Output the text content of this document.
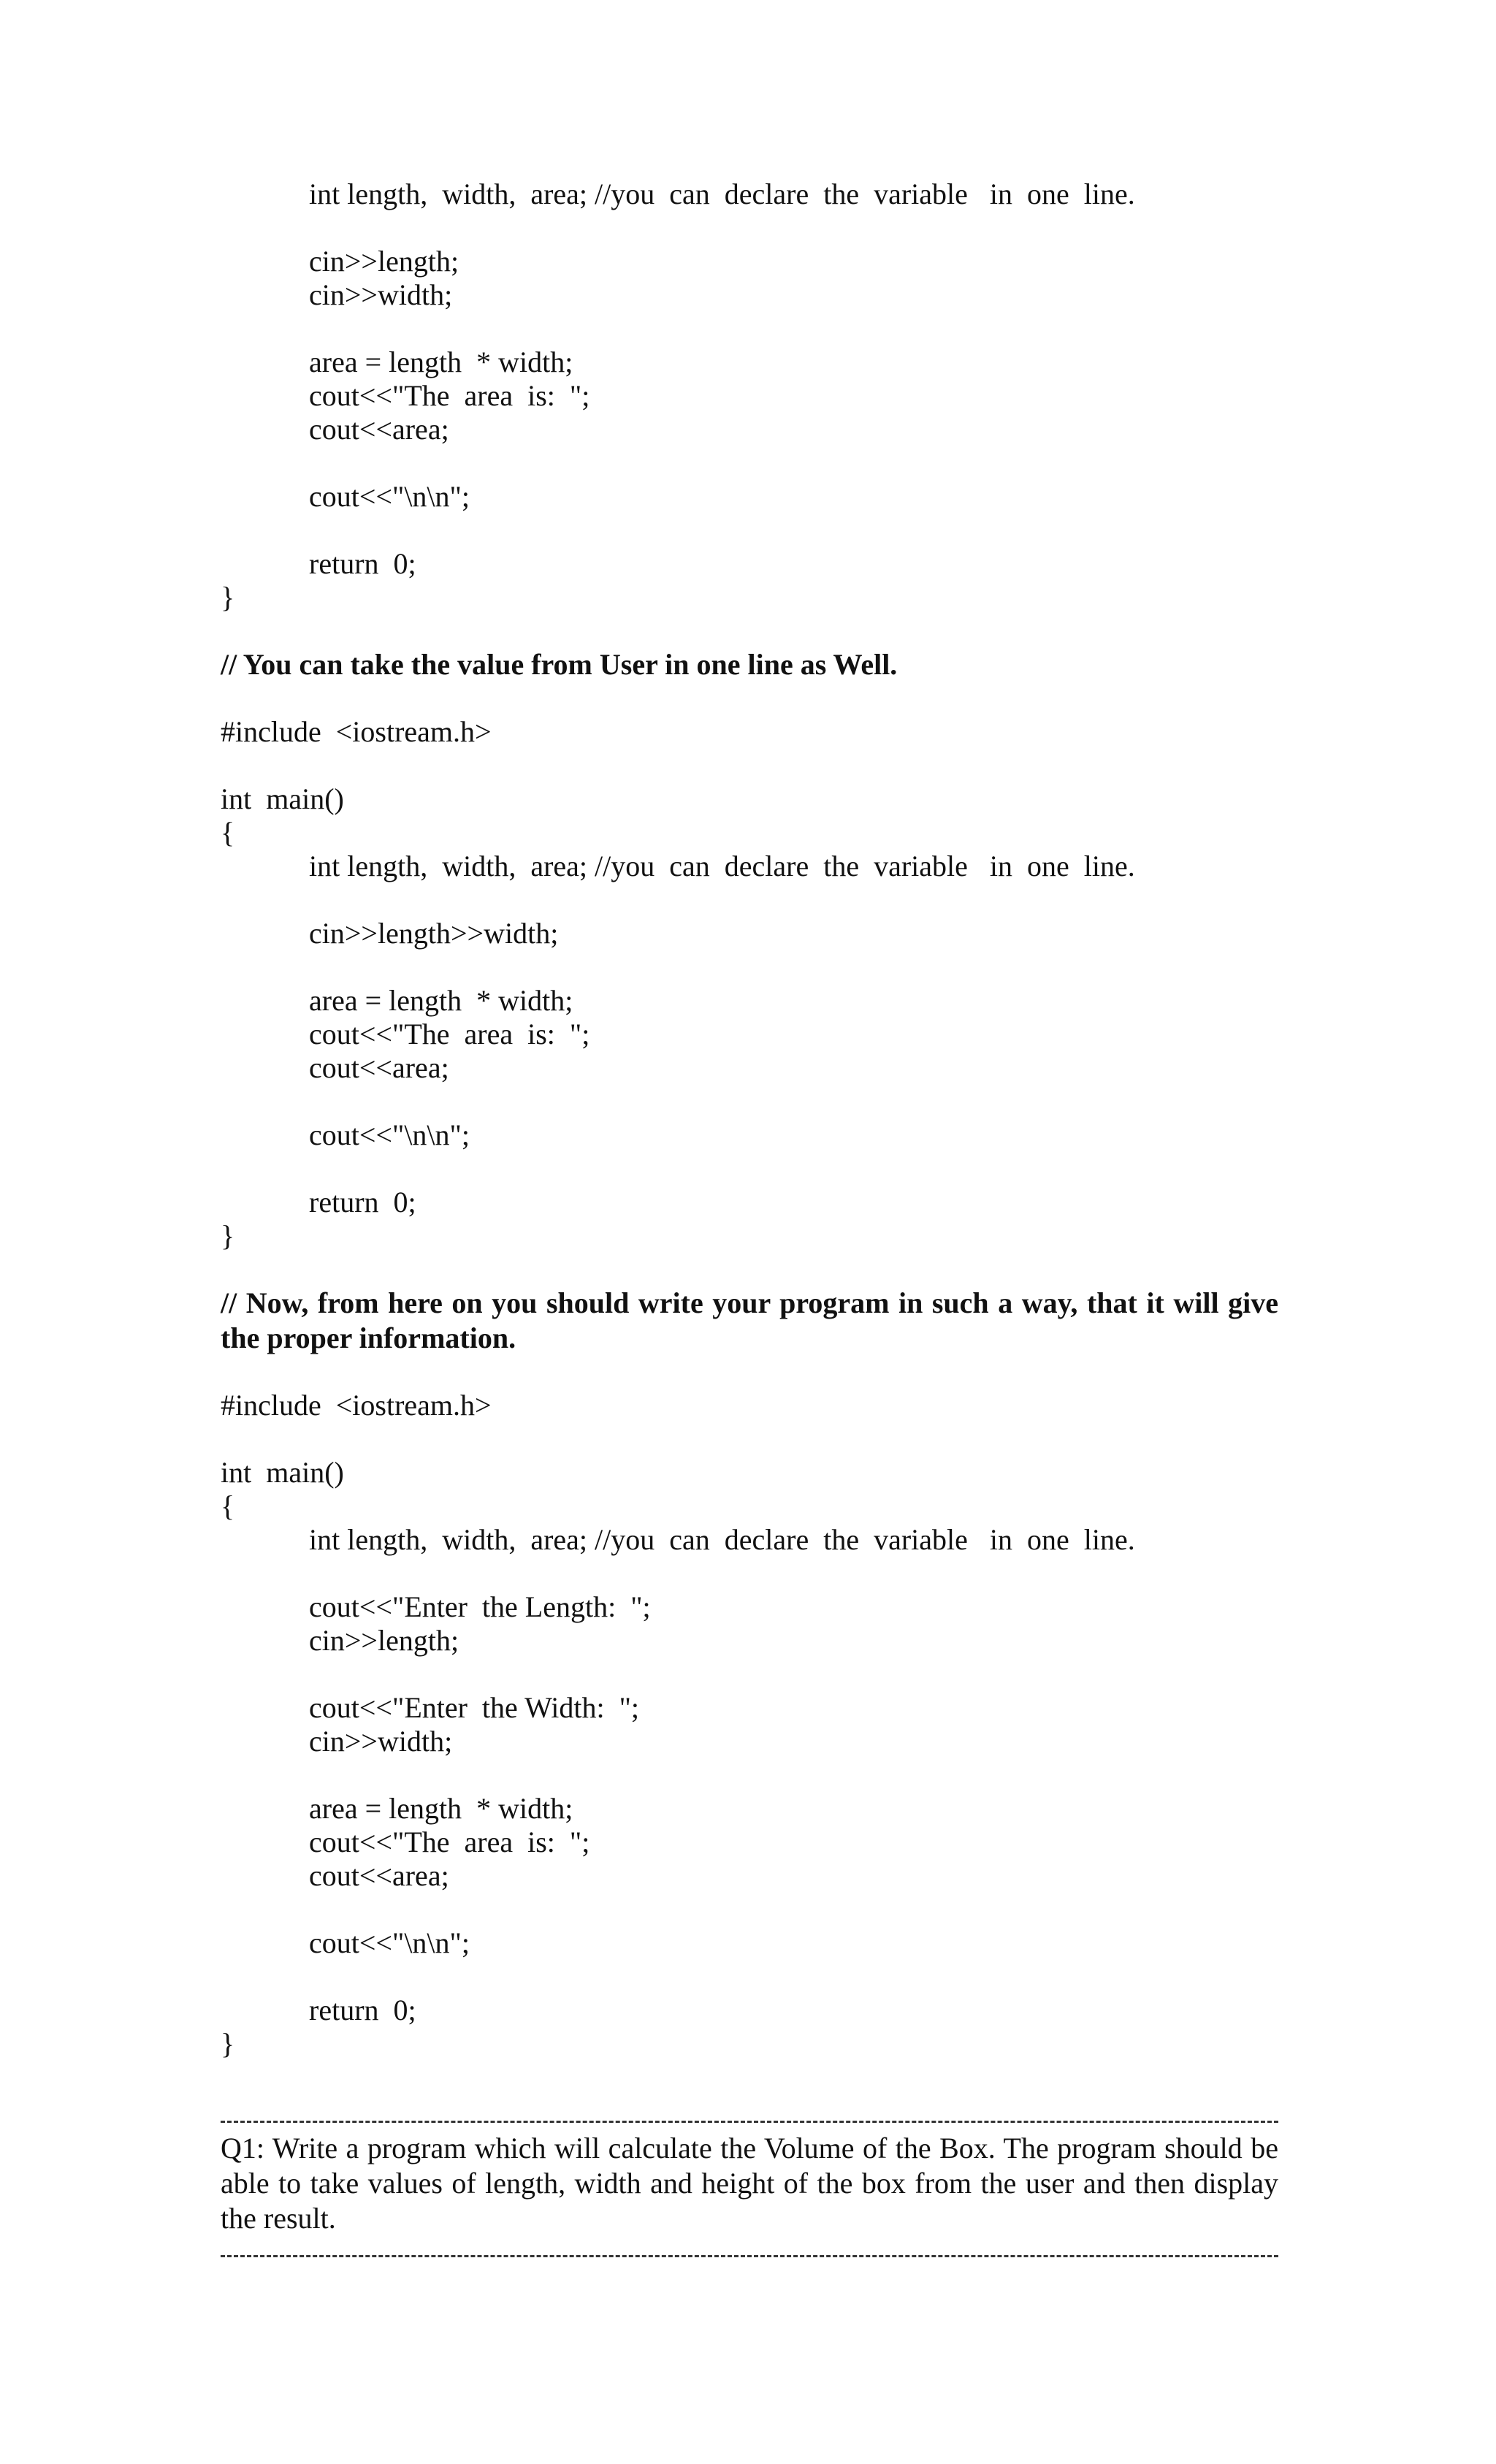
int length,  width,  area; //you  can  declare  the  variable   in  one  line.
cin>>length;
cin>>width;
area = length  * width;
cout<<"The  area  is:  ";
cout<<area;
cout<<"\n\n";
return  0;
}
// You can take the value from User in one line as Well.
#include  <iostream.h>
int  main()
{
int length,  width,  area; //you  can  declare  the  variable   in  one  line.
cin>>length>>width;
area = length  * width;
cout<<"The  area  is:  ";
cout<<area;
cout<<"\n\n";
return  0;
}
// Now, from here on you should write your program in such a way, that it will give the proper information.
#include  <iostream.h>
int  main()
{
int length,  width,  area; //you  can  declare  the  variable   in  one  line.
cout<<"Enter  the Length:  ";
cin>>length;
cout<<"Enter  the Width:  ";
cin>>width;
area = length  * width;
cout<<"The  area  is:  ";
cout<<area;
cout<<"\n\n";
return  0;
}
Q1: Write a program which will calculate the Volume of the Box. The program should be able to take values of length, width and height of the box from the user and then display the result.
